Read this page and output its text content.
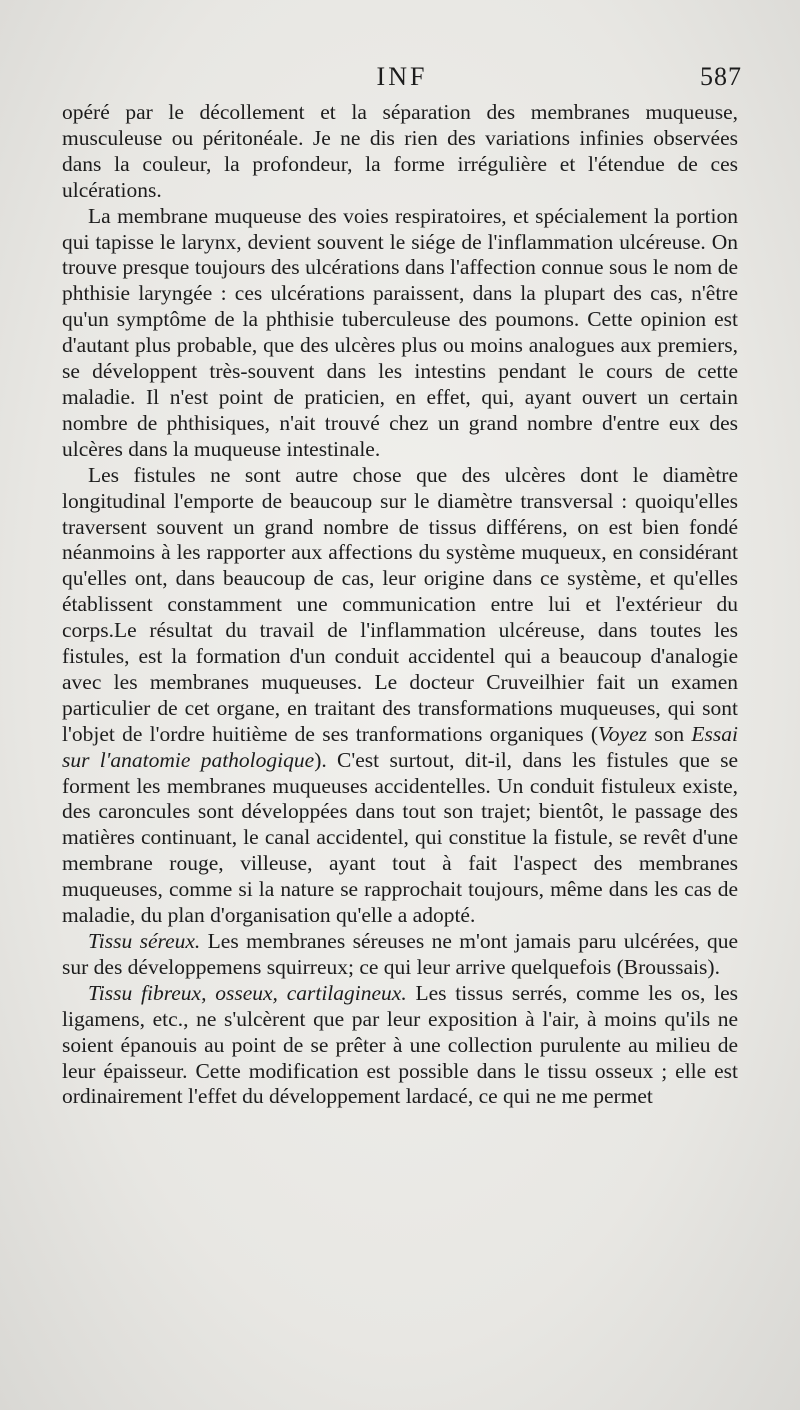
INF	587

opéré par le décollement et la séparation des membranes muqueuse, musculeuse ou péritonéale. Je ne dis rien des variations infinies observées dans la couleur, la profondeur, la forme irrégulière et l'étendue de ces ulcérations.

La membrane muqueuse des voies respiratoires, et spécialement la portion qui tapisse le larynx, devient souvent le siége de l'inflammation ulcéreuse. On trouve presque toujours des ulcérations dans l'affection connue sous le nom de phthisie laryngée : ces ulcérations paraissent, dans la plupart des cas, n'être qu'un symptôme de la phthisie tuberculeuse des poumons. Cette opinion est d'autant plus probable, que des ulcères plus ou moins analogues aux premiers, se développent très-souvent dans les intestins pendant le cours de cette maladie. Il n'est point de praticien, en effet, qui, ayant ouvert un certain nombre de phthisiques, n'ait trouvé chez un grand nombre d'entre eux des ulcères dans la muqueuse intestinale.

Les fistules ne sont autre chose que des ulcères dont le diamètre longitudinal l'emporte de beaucoup sur le diamètre transversal : quoiqu'elles traversent souvent un grand nombre de tissus différens, on est bien fondé néanmoins à les rapporter aux affections du système muqueux, en considérant qu'elles ont, dans beaucoup de cas, leur origine dans ce système, et qu'elles établissent constamment une communication entre lui et l'extérieur du corps.Le résultat du travail de l'inflammation ulcéreuse, dans toutes les fistules, est la formation d'un conduit accidentel qui a beaucoup d'analogie avec les membranes muqueuses. Le docteur Cruveilhier fait un examen particulier de cet organe, en traitant des transformations muqueuses, qui sont l'objet de l'ordre huitième de ses tranformations organiques (Voyez son Essai sur l'anatomie pathologique). C'est surtout, dit-il, dans les fistules que se forment les membranes muqueuses accidentelles. Un conduit fistuleux existe, des caroncules sont développées dans tout son trajet; bientôt, le passage des matières continuant, le canal accidentel, qui constitue la fistule, se revêt d'une membrane rouge, villeuse, ayant tout à fait l'aspect des membranes muqueuses, comme si la nature se rapprochait toujours, même dans les cas de maladie, du plan d'organisation qu'elle a adopté.

Tissu séreux. Les membranes séreuses ne m'ont jamais paru ulcérées, que sur des développemens squirreux; ce qui leur arrive quelquefois (Broussais).

Tissu fibreux, osseux, cartilagineux. Les tissus serrés, comme les os, les ligamens, etc., ne s'ulcèrent que par leur exposition à l'air, à moins qu'ils ne soient épanouis au point de se prêter à une collection purulente au milieu de leur épaisseur. Cette modification est possible dans le tissu osseux ; elle est ordinairement l'effet du développement lardacé, ce qui ne me permet
